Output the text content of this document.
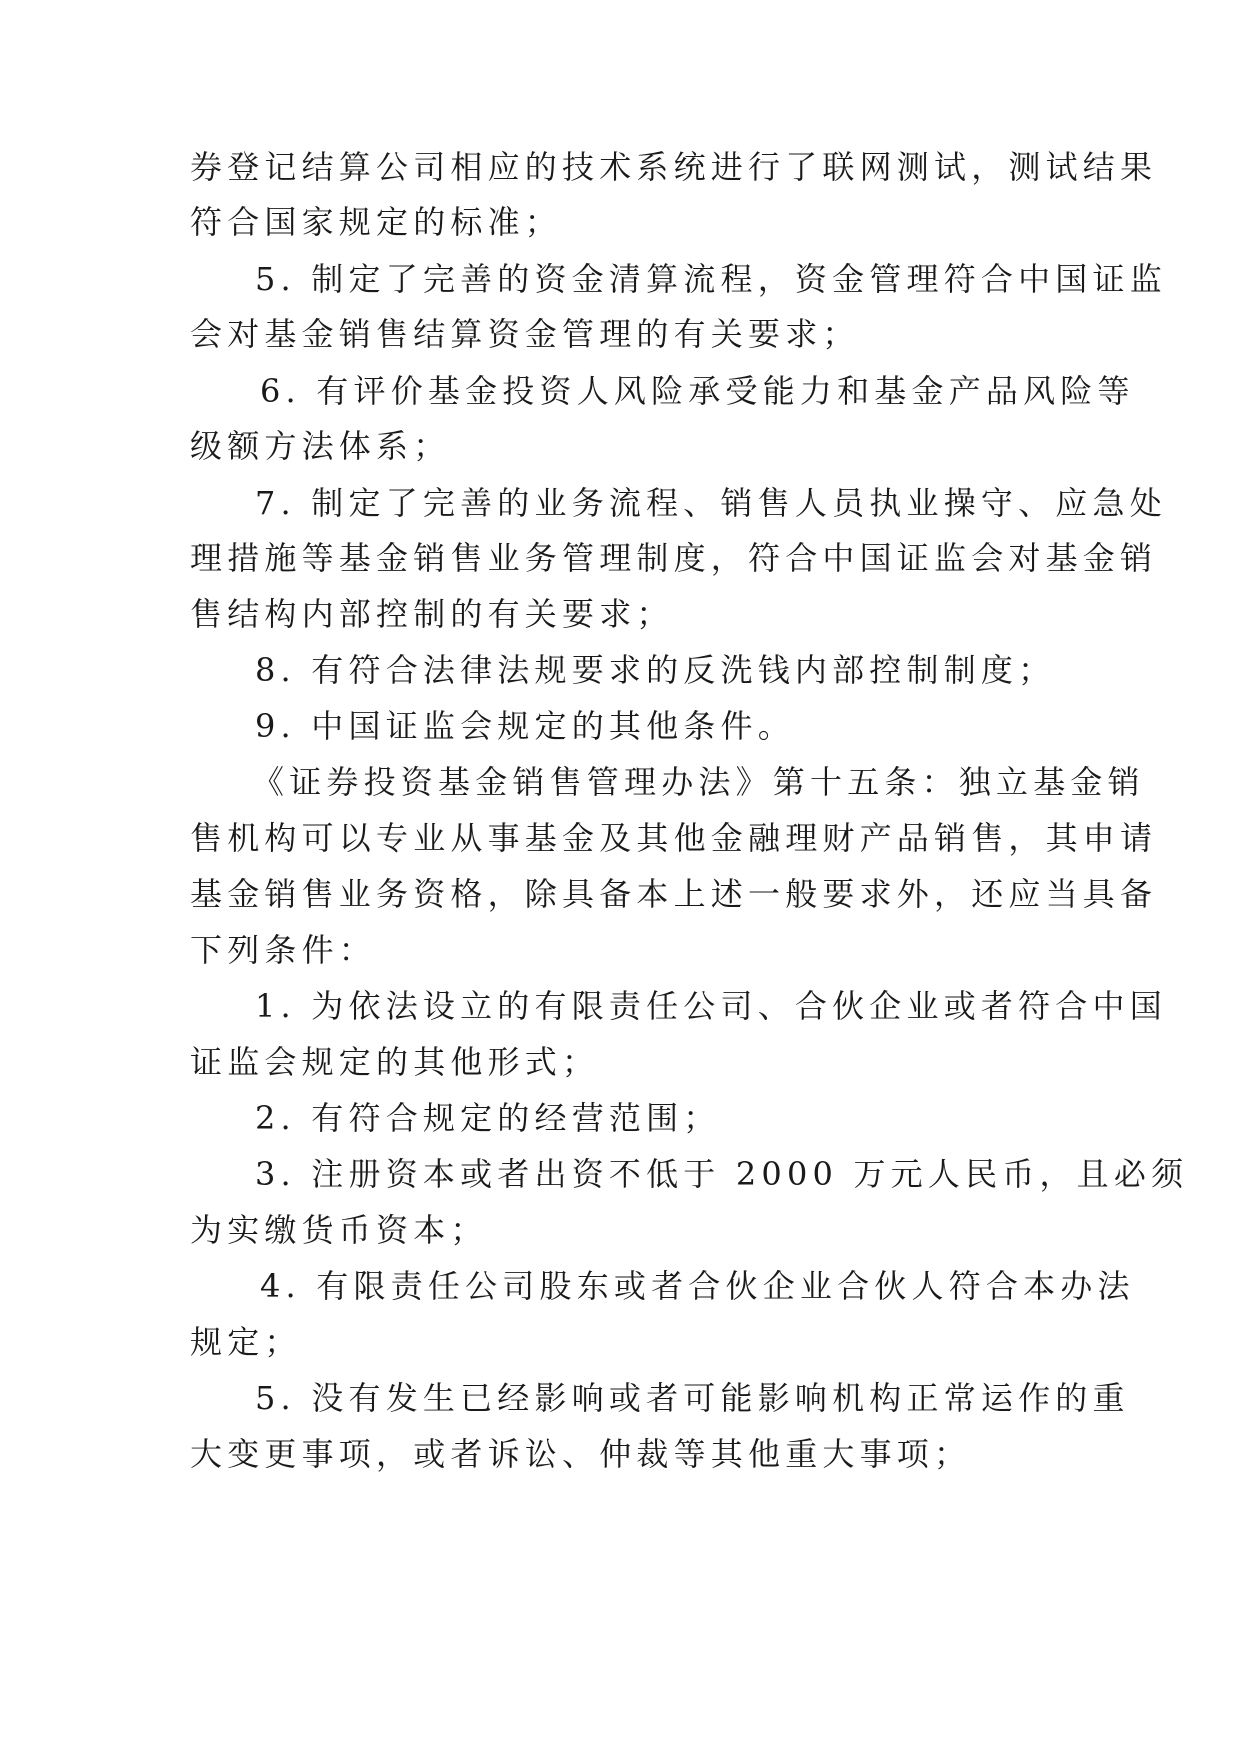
券登记结算公司相应的技术系统进行了联网测试，测试结果
符合国家规定的标准；
5. 制定了完善的资金清算流程，资金管理符合中国证监
会对基金销售结算资金管理的有关要求；
6. 有评价基金投资人风险承受能力和基金产品风险等
级额方法体系；
7. 制定了完善的业务流程、销售人员执业操守、应急处
理措施等基金销售业务管理制度，符合中国证监会对基金销
售结构内部控制的有关要求；
8. 有符合法律法规要求的反洗钱内部控制制度；
9. 中国证监会规定的其他条件。
《证券投资基金销售管理办法》第十五条：独立基金销
售机构可以专业从事基金及其他金融理财产品销售，其申请
基金销售业务资格，除具备本上述一般要求外，还应当具备
下列条件：
1. 为依法设立的有限责任公司、合伙企业或者符合中国
证监会规定的其他形式；
2. 有符合规定的经营范围；
3. 注册资本或者出资不低于 2000 万元人民币，且必须
为实缴货币资本；
4. 有限责任公司股东或者合伙企业合伙人符合本办法
规定；
5. 没有发生已经影响或者可能影响机构正常运作的重
大变更事项，或者诉讼、仲裁等其他重大事项；
